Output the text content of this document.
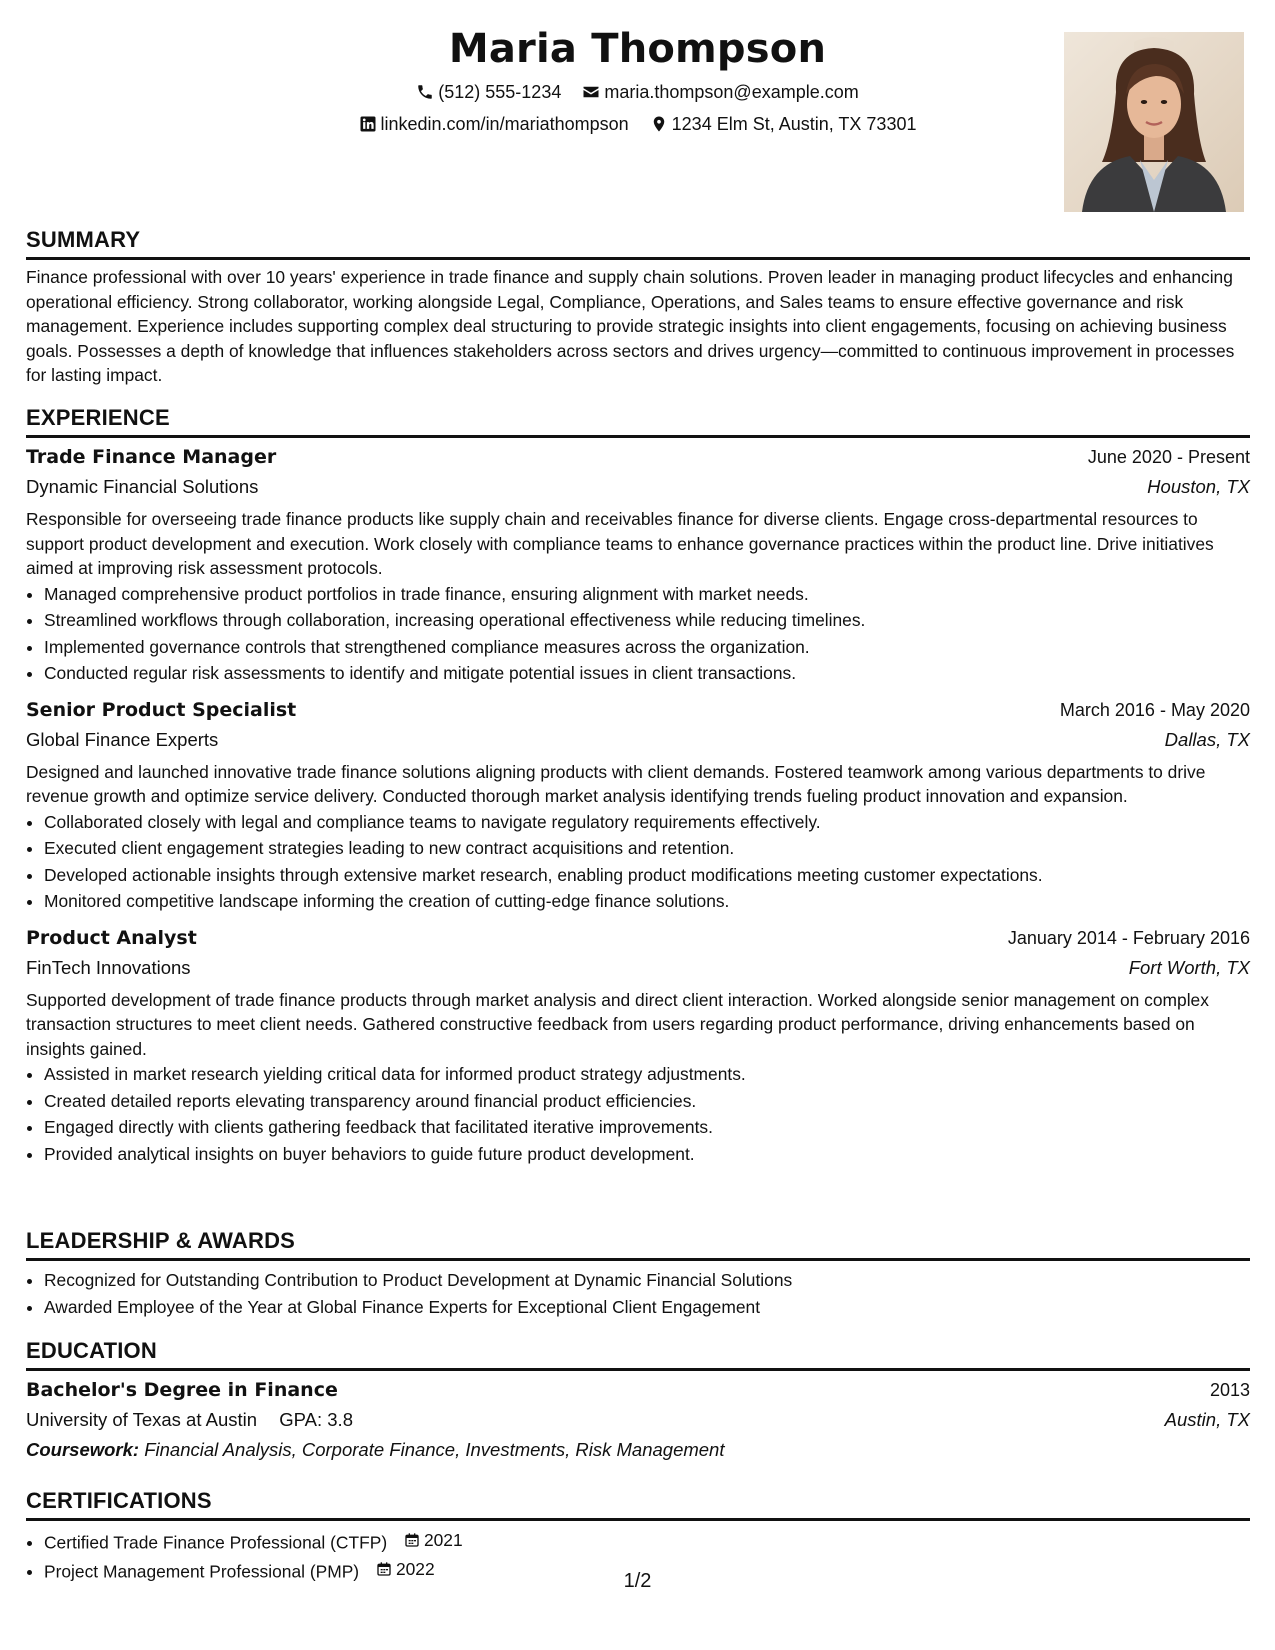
Maria Thompson
(512) 555-1234
maria.thompson@example.com
linkedin.com/in/mariathompson
1234 Elm St, Austin, TX 73301
SUMMARY
Finance professional with over 10 years' experience in trade finance and supply chain solutions. Proven leader in managing product lifecycles and enhancing operational efficiency. Strong collaborator, working alongside Legal, Compliance, Operations, and Sales teams to ensure effective governance and risk management. Experience includes supporting complex deal structuring to provide strategic insights into client engagements, focusing on achieving business goals. Possesses a depth of knowledge that influences stakeholders across sectors and drives urgency—committed to continuous improvement in processes for lasting impact.
EXPERIENCE
Trade Finance Manager	June 2020 - Present
Dynamic Financial Solutions	Houston, TX
Responsible for overseeing trade finance products like supply chain and receivables finance for diverse clients. Engage cross-departmental resources to support product development and execution. Work closely with compliance teams to enhance governance practices within the product line. Drive initiatives aimed at improving risk assessment protocols.
• Managed comprehensive product portfolios in trade finance, ensuring alignment with market needs.
• Streamlined workflows through collaboration, increasing operational effectiveness while reducing timelines.
• Implemented governance controls that strengthened compliance measures across the organization.
• Conducted regular risk assessments to identify and mitigate potential issues in client transactions.
Senior Product Specialist	March 2016 - May 2020
Global Finance Experts	Dallas, TX
Designed and launched innovative trade finance solutions aligning products with client demands. Fostered teamwork among various departments to drive revenue growth and optimize service delivery. Conducted thorough market analysis identifying trends fueling product innovation and expansion.
• Collaborated closely with legal and compliance teams to navigate regulatory requirements effectively.
• Executed client engagement strategies leading to new contract acquisitions and retention.
• Developed actionable insights through extensive market research, enabling product modifications meeting customer expectations.
• Monitored competitive landscape informing the creation of cutting-edge finance solutions.
Product Analyst	January 2014 - February 2016
FinTech Innovations	Fort Worth, TX
Supported development of trade finance products through market analysis and direct client interaction. Worked alongside senior management on complex transaction structures to meet client needs. Gathered constructive feedback from users regarding product performance, driving enhancements based on insights gained.
• Assisted in market research yielding critical data for informed product strategy adjustments.
• Created detailed reports elevating transparency around financial product efficiencies.
• Engaged directly with clients gathering feedback that facilitated iterative improvements.
• Provided analytical insights on buyer behaviors to guide future product development.
LEADERSHIP & AWARDS
• Recognized for Outstanding Contribution to Product Development at Dynamic Financial Solutions
• Awarded Employee of the Year at Global Finance Experts for Exceptional Client Engagement
EDUCATION
Bachelor's Degree in Finance	2013
University of Texas at Austin GPA: 3.8	Austin, TX
Coursework: Financial Analysis, Corporate Finance, Investments, Risk Management
CERTIFICATIONS
• Certified Trade Finance Professional (CTFP) 2021
• Project Management Professional (PMP) 2022
1/2
